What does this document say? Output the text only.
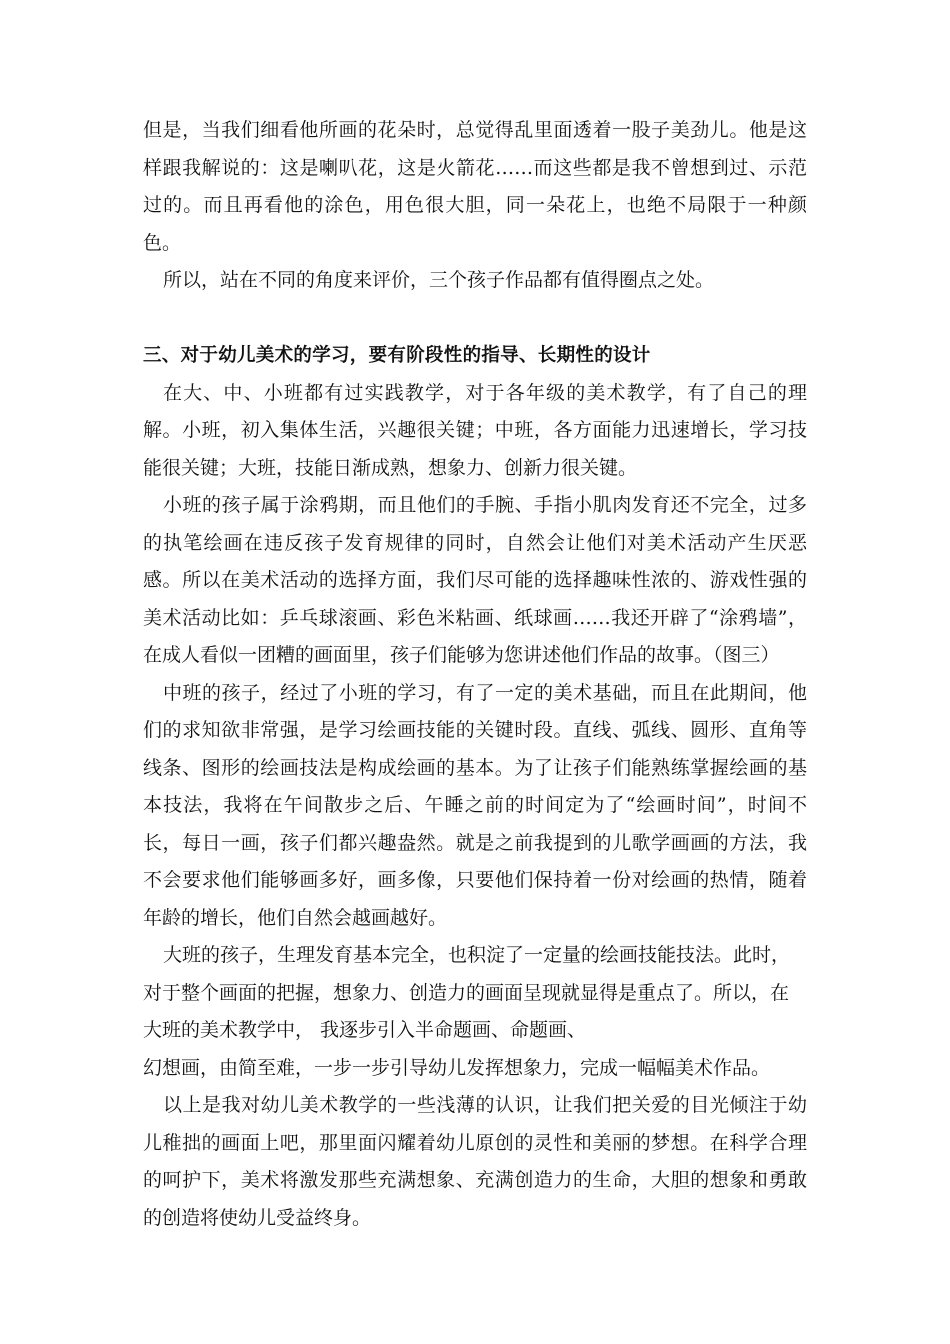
但是，当我们细看他所画的花朵时，总觉得乱里面透着一股子美劲儿。他是这样跟我解说的：这是喇叭花，这是火箭花……而这些都是我不曾想到过、示范过的。而且再看他的涂色，用色很大胆，同一朵花上，也绝不局限于一种颜色。

所以，站在不同的角度来评价，三个孩子作品都有值得圈点之处。

三、对于幼儿美术的学习，要有阶段性的指导、长期性的设计

在大、中、小班都有过实践教学，对于各年级的美术教学，有了自己的理解。小班，初入集体生活，兴趣很关键；中班，各方面能力迅速增长，学习技能很关键；大班，技能日渐成熟，想象力、创新力很关键。

小班的孩子属于涂鸦期，而且他们的手腕、手指小肌肉发育还不完全，过多的执笔绘画在违反孩子发育规律的同时，自然会让他们对美术活动产生厌恶感。所以在美术活动的选择方面，我们尽可能的选择趣味性浓的、游戏性强的美术活动比如：乒乓球滚画、彩色米粘画、纸球画……我还开辟了“涂鸦墙”，在成人看似一团糟的画面里，孩子们能够为您讲述他们作品的故事。（图三）

中班的孩子，经过了小班的学习，有了一定的美术基础，而且在此期间，他们的求知欲非常强，是学习绘画技能的关键时段。直线、弧线、圆形、直角等线条、图形的绘画技法是构成绘画的基本。为了让孩子们能熟练掌握绘画的基本技法，我将在午间散步之后、午睡之前的时间定为了“绘画时间”，时间不长，每日一画，孩子们都兴趣盎然。就是之前我提到的儿歌学画画的方法，我不会要求他们能够画多好，画多像，只要他们保持着一份对绘画的热情，随着年龄的增长，他们自然会越画越好。

大班的孩子，生理发育基本完全，也积淀了一定量的绘画技能技法。此时，对于整个画面的把握，想象力、创造力的画面呈现就显得是重点了。所以，在大班的美术教学中， 我逐步引入半命题画、命题画、

幻想画，由简至难，一步一步引导幼儿发挥想象力，完成一幅幅美术作品。

以上是我对幼儿美术教学的一些浅薄的认识，让我们把关爱的目光倾注于幼儿稚拙的画面上吧，那里面闪耀着幼儿原创的灵性和美丽的梦想。在科学合理的呵护下，美术将激发那些充满想象、充满创造力的生命，大胆的想象和勇敢的创造将使幼儿受益终身。
